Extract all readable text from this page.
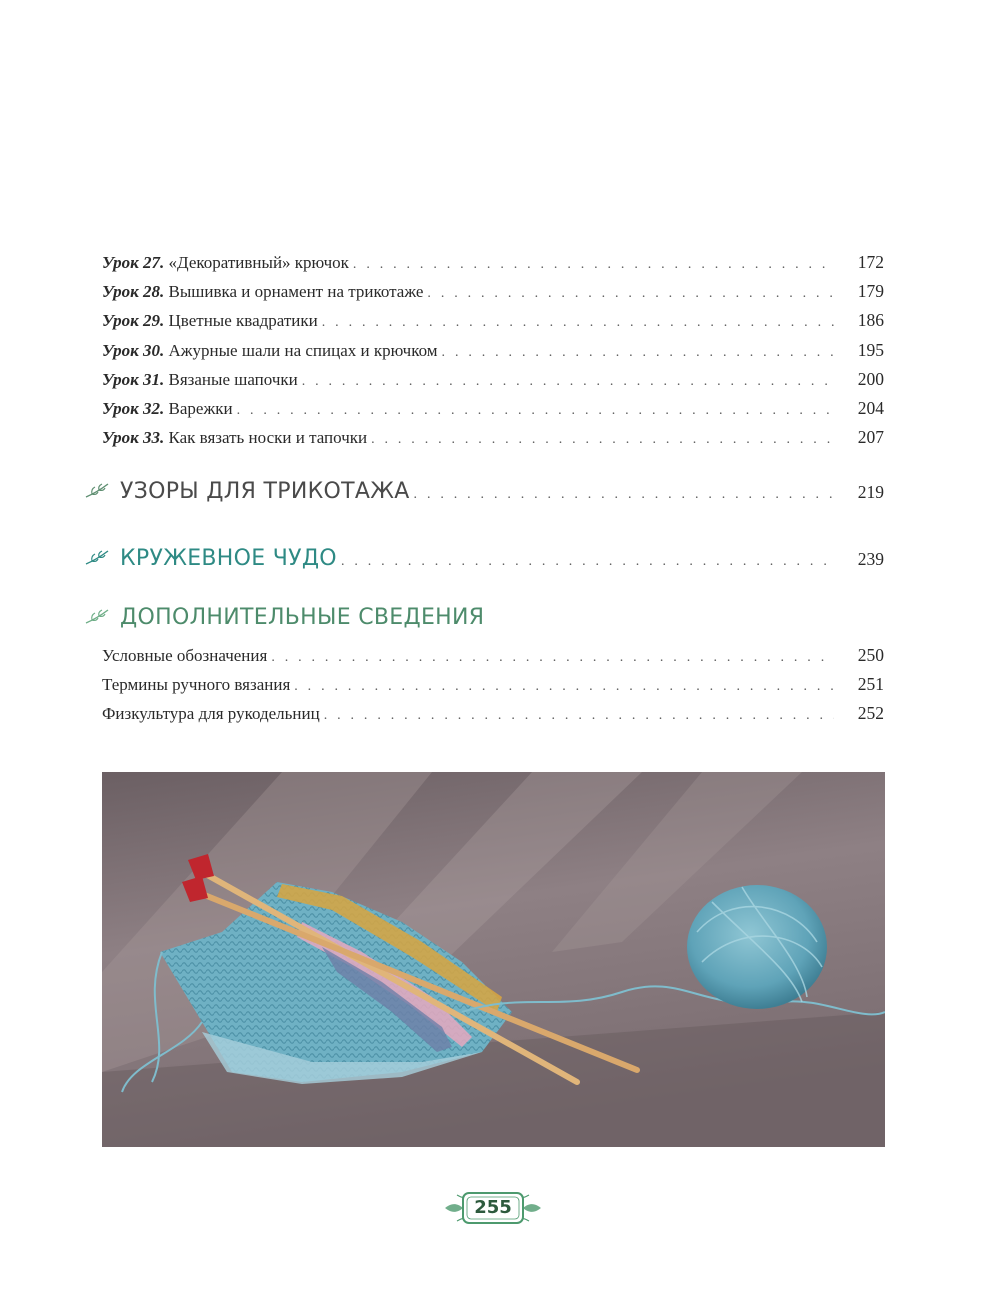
Урок 27. «Декоративный» крючок . . .	172
Урок 28. Вышивка и орнамент на трикотаже . . .	179
Урок 29. Цветные квадратики . . .	186
Урок 30. Ажурные шали на спицах и крючком . . .	195
Урок 31. Вязаные шапочки . . .	200
Урок 32. Варежки . . .	204
Урок 33. Как вязать носки и тапочки . . .	207
УЗОРЫ ДЛЯ ТРИКОТАЖА . . .	219
КРУЖЕВНОЕ ЧУДО . . .	239
ДОПОЛНИТЕЛЬНЫЕ СВЕДЕНИЯ
Условные обозначения . . .	250
Термины ручного вязания . . .	251
Физкультура для рукодельниц . . .	252
255
